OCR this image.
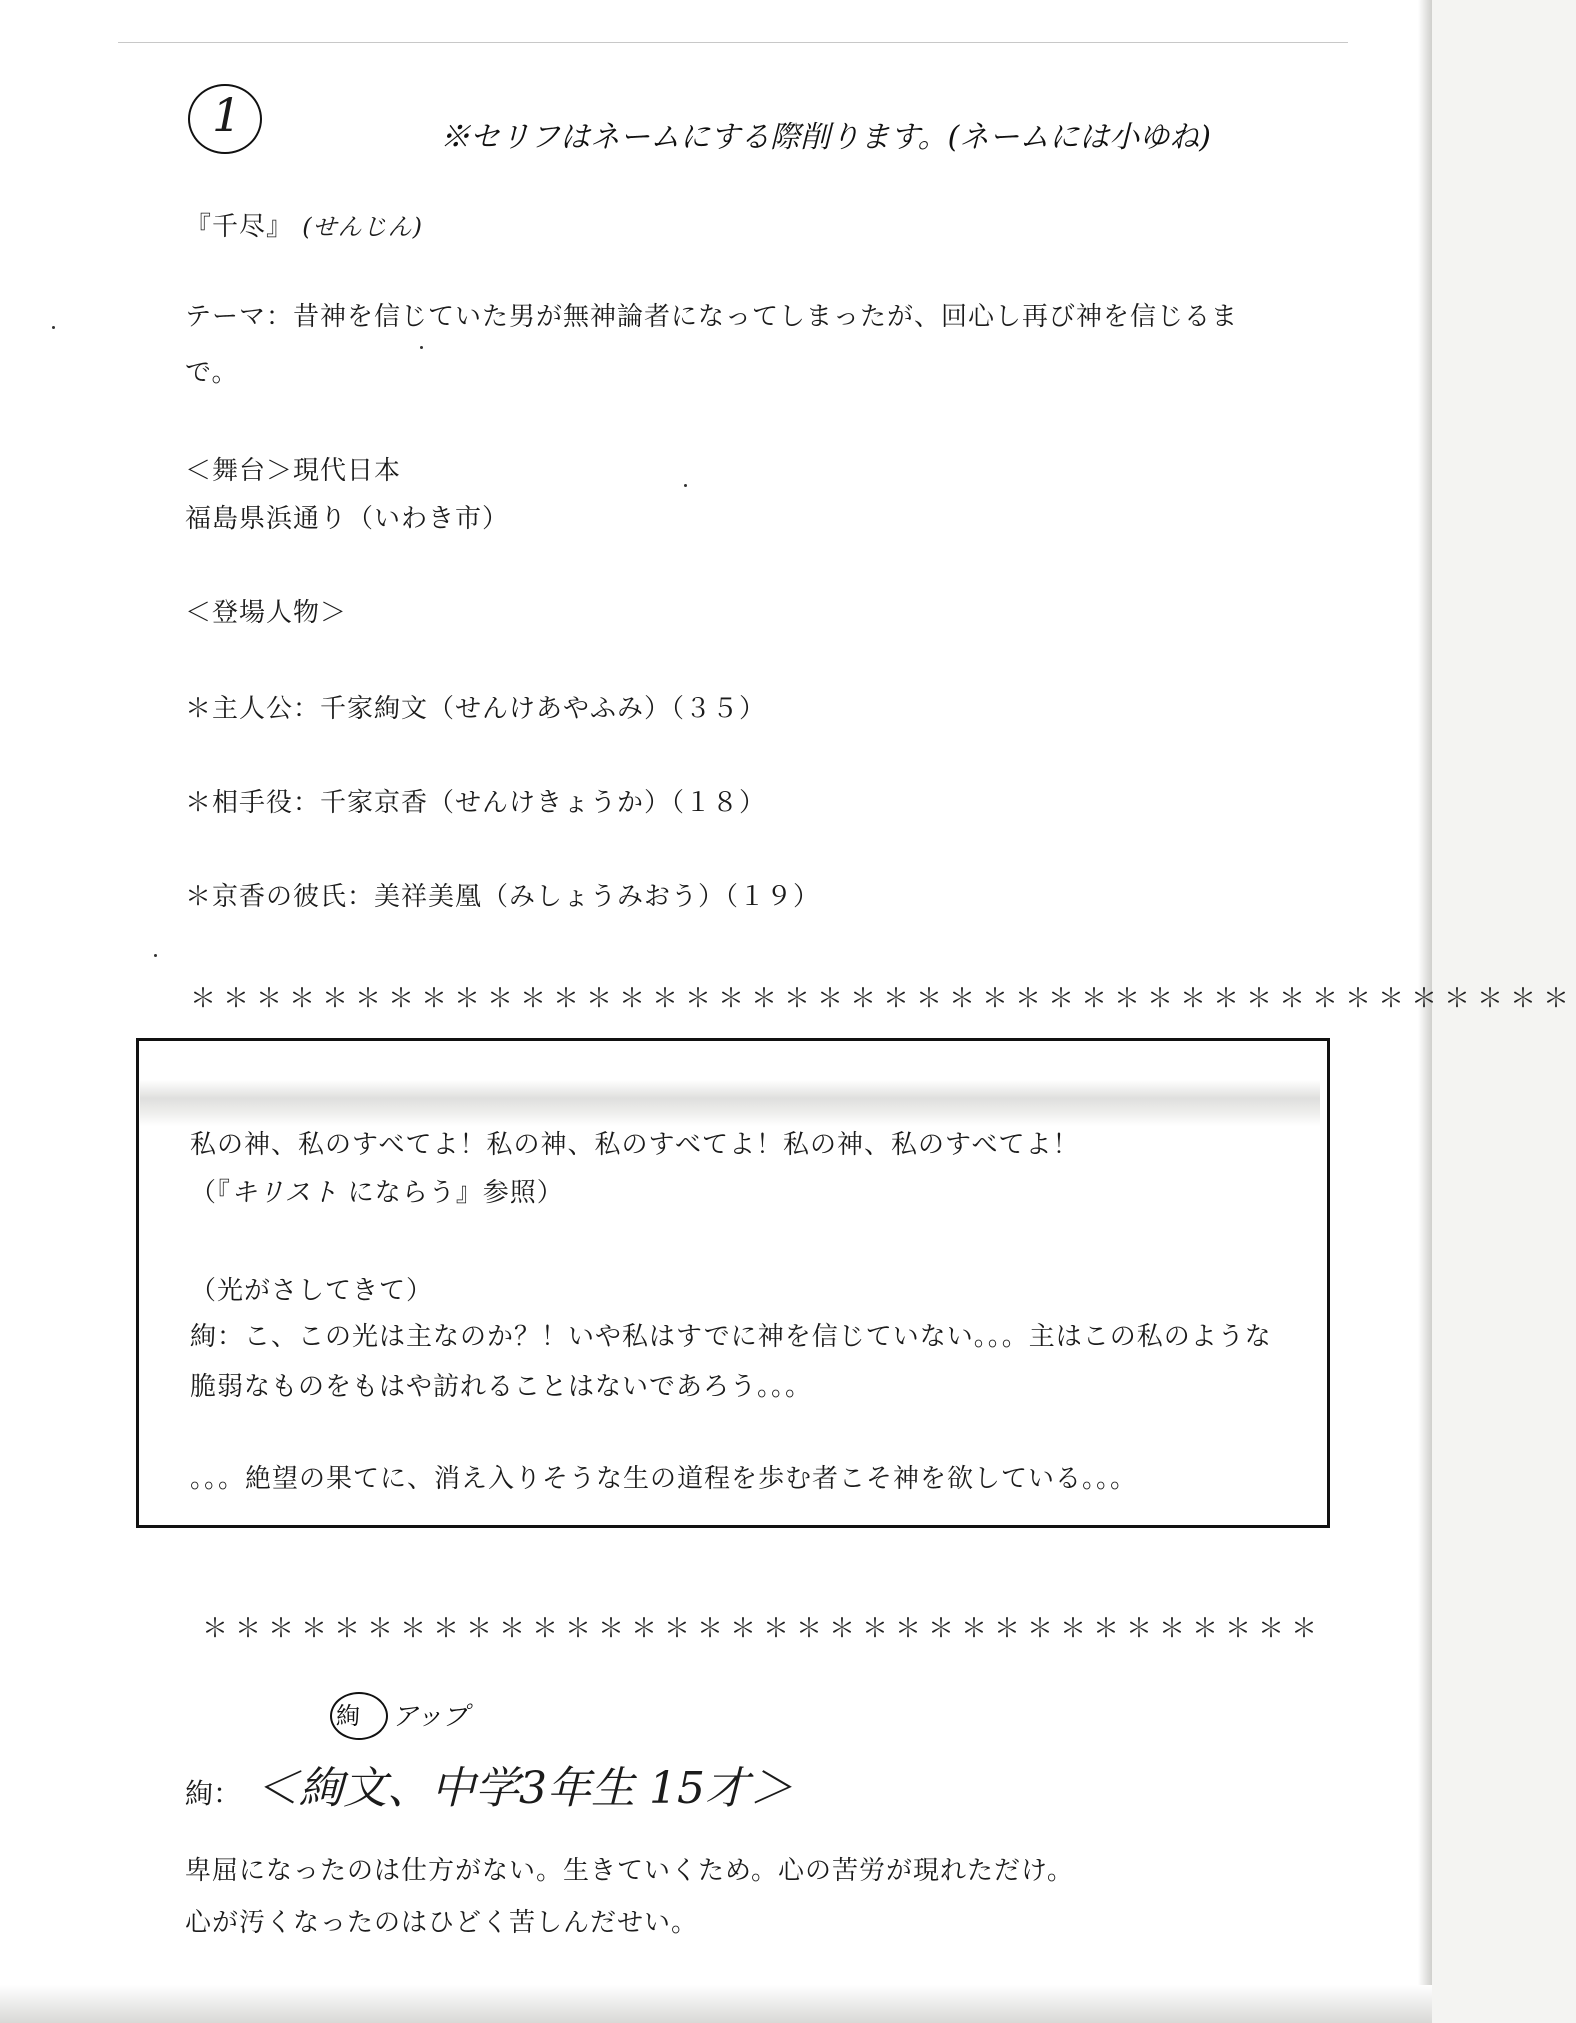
1	※セリフはネームにする際削ります。(ネームには小ゆね)
『千尽』 (せんじん)
テーマ：昔神を信じていた男が無神論者になってしまったが、回心し再び神を信じるま
で。
＜舞台＞現代日本
福島県浜通り（いわき市）
＜登場人物＞
＊主人公：千家絢文（せんけあやふみ）（３５）
＊相手役：千家京香（せんけきょうか）（１８）
＊京香の彼氏：美祥美凰（みしょうみおう）（１９）
＊＊＊＊＊＊＊＊＊＊＊＊＊＊＊＊＊＊＊＊＊＊＊＊＊＊＊＊＊＊＊＊＊＊＊＊＊＊＊＊＊＊
私の神、私のすべてよ！私の神、私のすべてよ！私の神、私のすべてよ！
（『キリスト にならう』参照）
（光がさしてきて）
絢：こ、この光は主なのか？！いや私はすでに神を信じていない。。。主はこの私のような
脆弱なものをもはや訪れることはないであろう。。。
。。。絶望の果てに、消え入りそうな生の道程を歩む者こそ神を欲している。。。
＊＊＊＊＊＊＊＊＊＊＊＊＊＊＊＊＊＊＊＊＊＊＊＊＊＊＊＊＊＊＊＊＊＊
絢 アップ
絢： ＜絢文、中学3年生 15才＞
卑屈になったのは仕方がない。生きていくため。心の苦労が現れただけ。
心が汚くなったのはひどく苦しんだせい。
